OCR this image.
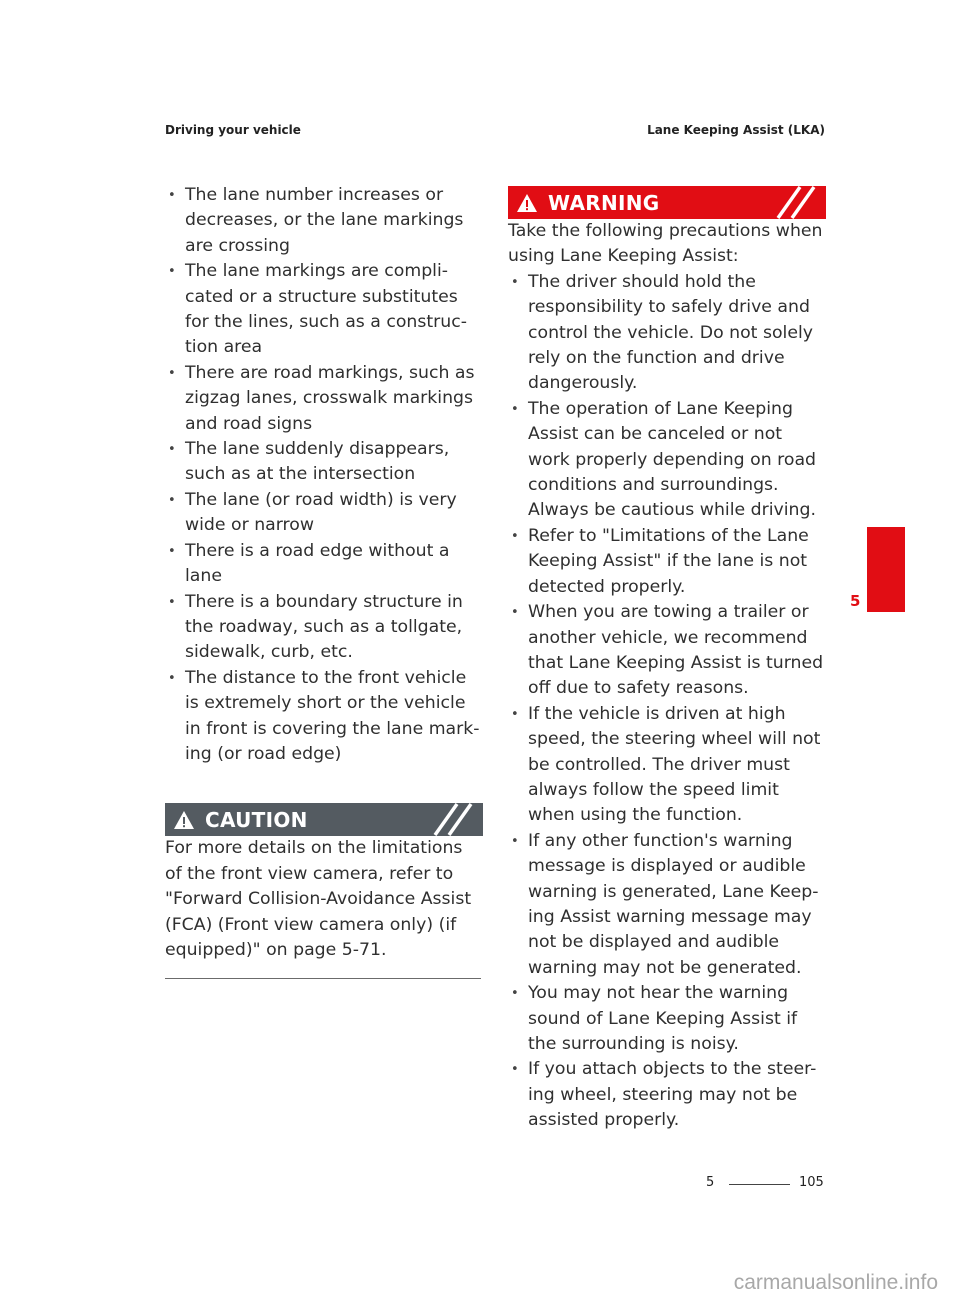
Driving your vehicle	Lane Keeping Assist (LKA)
• The lane number increases or decreases, or the lane markings are crossing
• The lane markings are compli- cated or a structure substitutes for the lines, such as a construc- tion area
• There are road markings, such as zigzag lanes, crosswalk markings and road signs
• The lane suddenly disappears, such as at the intersection
• The lane (or road width) is very wide or narrow
• There is a road edge without a lane
• There is a boundary structure in the roadway, such as a tollgate, sidewalk, curb, etc.
• The distance to the front vehicle is extremely short or the vehicle in front is covering the lane mark- ing (or road edge)
CAUTION

For more details on the limitations of the front view camera, refer to "Forward Collision-Avoidance Assist (FCA) (Front view camera only) (if equipped)" on page 5-71.

WARNING

Take the following precautions when using Lane Keeping Assist:

• The driver should hold the responsibility to safely drive and control the vehicle. Do not solely rely on the function and drive dangerously.
• The operation of Lane Keeping Assist can be canceled or not work properly depending on road conditions and surroundings. Always be cautious while driving.
• Refer to "Limitations of the Lane Keeping Assist" if the lane is not detected properly.
• When you are towing a trailer or another vehicle, we recommend that Lane Keeping Assist is turned off due to safety reasons.
• If the vehicle is driven at high speed, the steering wheel will not be controlled. The driver must always follow the speed limit when using the function.
• If any other function's warning message is displayed or audible warning is generated, Lane Keep- ing Assist warning message may not be displayed and audible warning may not be generated.
• You may not hear the warning sound of Lane Keeping Assist if the surrounding is noisy.
• If you attach objects to the steer- ing wheel, steering may not be assisted properly.
5
5	105
carmanualsonline.info
